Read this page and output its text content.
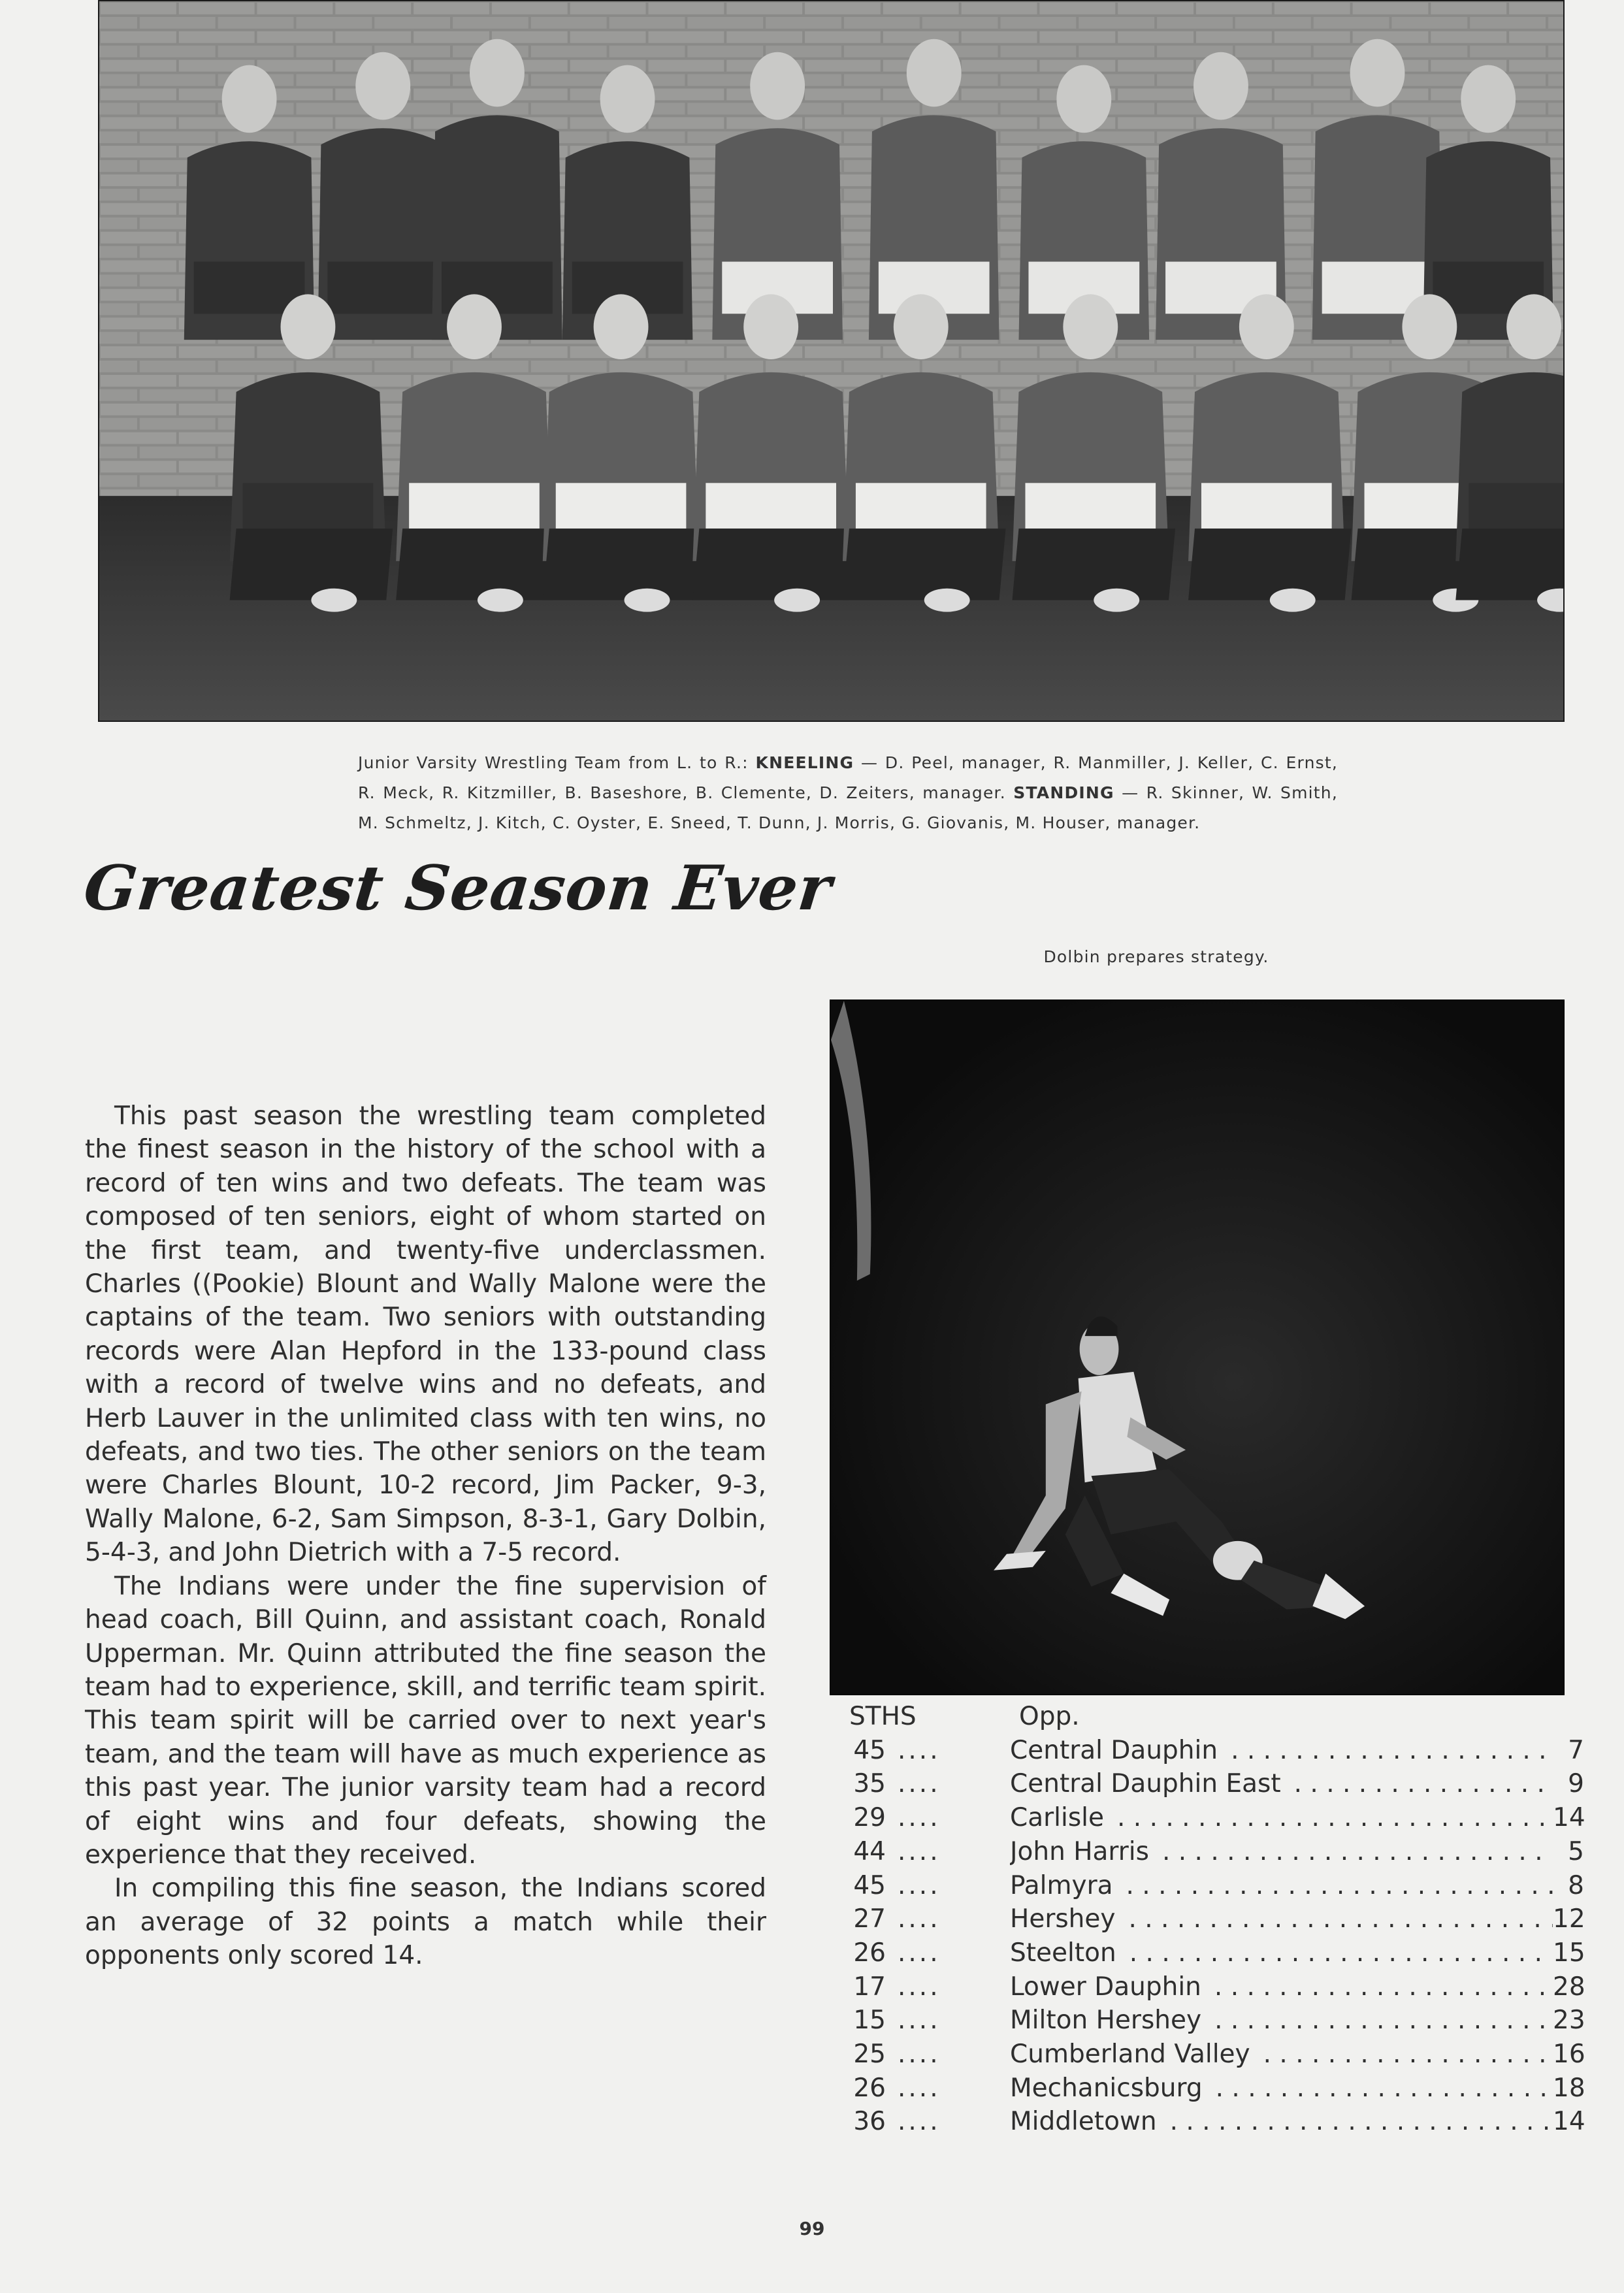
Junior Varsity Wrestling Team from L. to R.: KNEELING — D. Peel, manager, R. Manmiller, J. Keller, C. Ernst, R. Meck, R. Kitzmiller, B. Baseshore, B. Clemente, D. Zeiters, manager. STANDING — R. Skinner, W. Smith, M. Schmeltz, J. Kitch, C. Oyster, E. Sneed, T. Dunn, J. Morris, G. Giovanis, M. Houser, manager.
Greatest Season Ever
Dolbin prepares strategy.

This past season the wrestling team completed the finest season in the history of the school with a record of ten wins and two defeats. The team was composed of ten seniors, eight of whom started on the first team, and twenty-five underclassmen. Charles ((Pookie) Blount and Wally Malone were the captains of the team. Two seniors with outstanding records were Alan Hepford in the 133-pound class with a record of twelve wins and no defeats, and Herb Lauver in the unlimited class with ten wins, no defeats, and two ties. The other seniors on the team were Charles Blount, 10-2 record, Jim Packer, 9-3, Wally Malone, 6-2, Sam Simpson, 8-3-1, Gary Dolbin, 5-4-3, and John Dietrich with a 7-5 record.

The Indians were under the fine supervision of head coach, Bill Quinn, and assistant coach, Ronald Upperman. Mr. Quinn attributed the fine season the team had to experience, skill, and terrific team spirit. This team spirit will be carried over to next year's team, and the team will have as much experience as this past year. The junior varsity team had a record of eight wins and four defeats, showing the experience that they received.

In compiling this fine season, the Indians scored an average of 32 points a match while their opponents only scored 14.

STHS	Opp.
45 ....	Central Dauphin . . .	7
35 ....	Central Dauphin East . . .	9
29 ....	Carlisle . . .	14
44 ....	John Harris . . .	5
45 ....	Palmyra . . .	8
27 ....	Hershey . . .	12
26 ....	Steelton . . .	15
17 ....	Lower Dauphin . . .	28
15 ....	Milton Hershey . . .	23
25 ....	Cumberland Valley . . .	16
26 ....	Mechanicsburg . . .	18
36 ....	Middletown . . .	14
99
